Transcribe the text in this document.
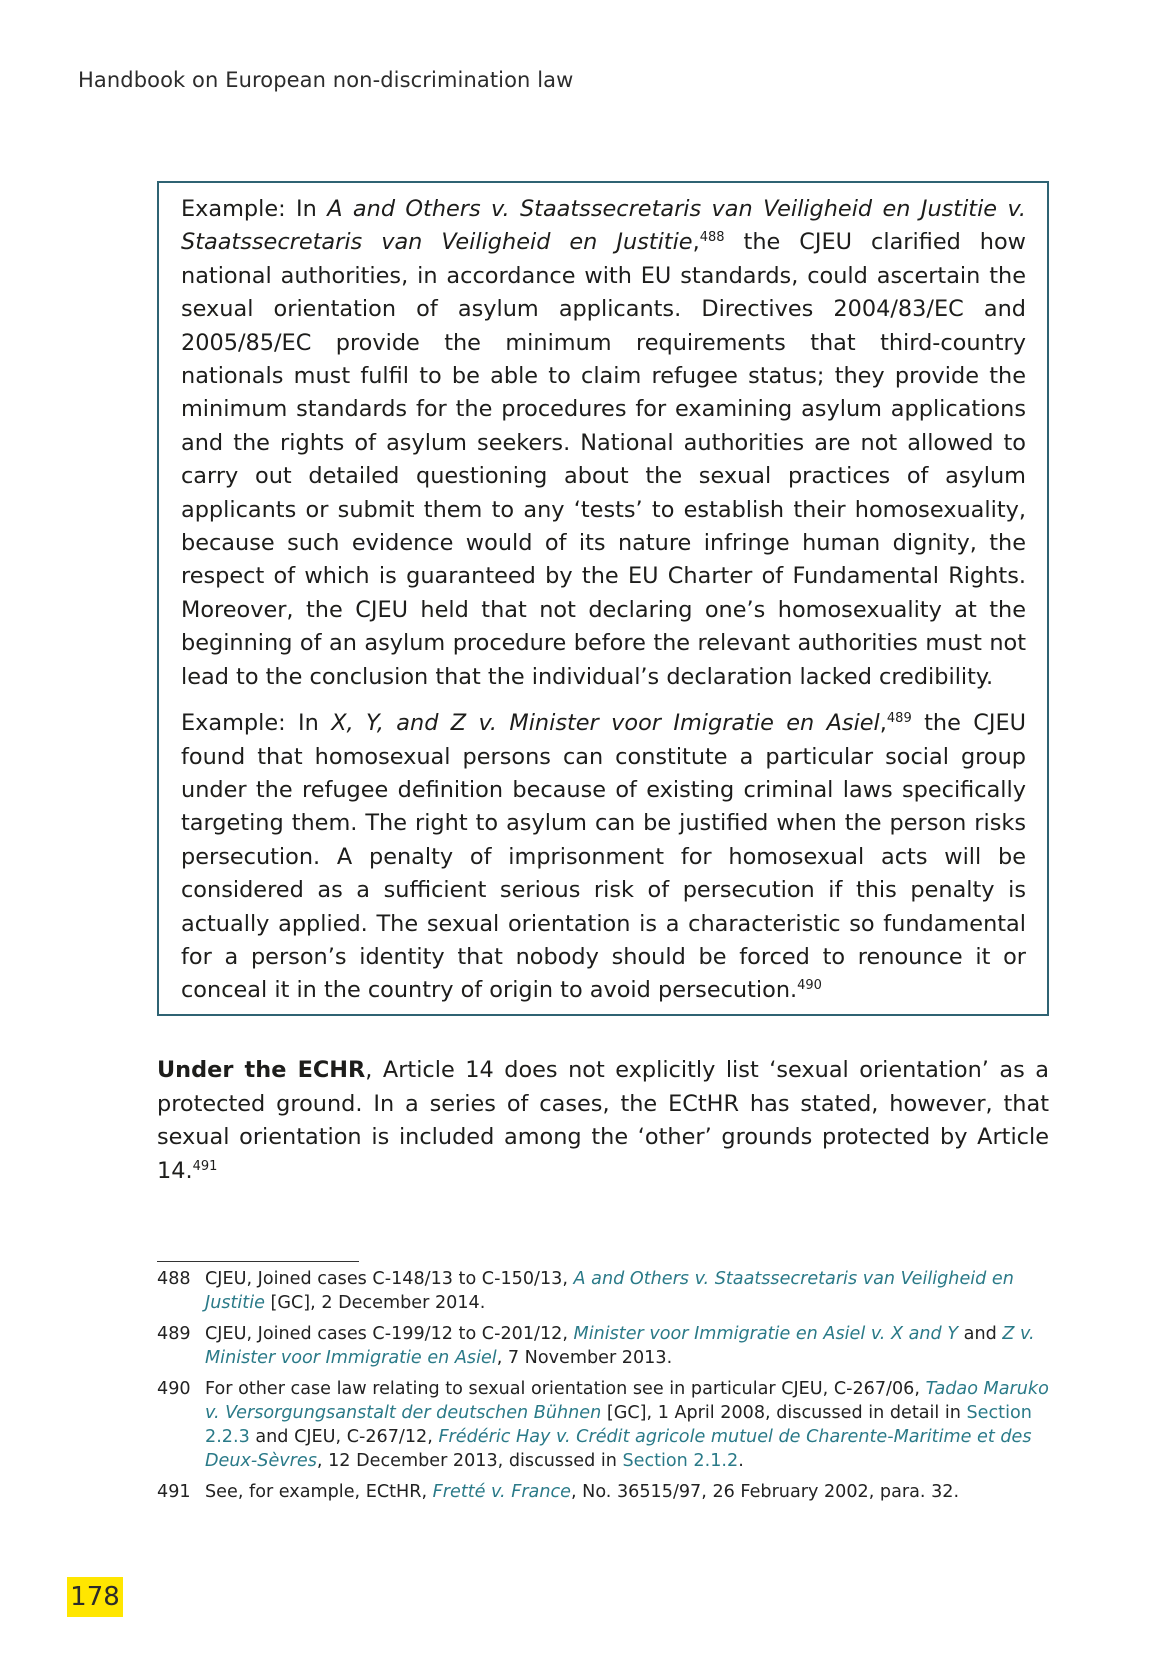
Handbook on European non-discrimination law

Example: In A and Others v. Staatssecretaris van Veiligheid en Justitie v. Staatssecretaris van Veiligheid en Justitie,$^{488}$ the CJEU clarified how national authorities, in accordance with EU standards, could ascertain the sexual orientation of asylum applicants. Directives 2004/83/EC and 2005/85/EC provide the minimum requirements that third-country nationals must fulfil to be able to claim refugee status; they provide the minimum standards for the procedures for examining asylum applications and the rights of asylum seekers. National authorities are not allowed to carry out detailed questioning about the sexual practices of asylum applicants or submit them to any ‘tests’ to establish their homosexuality, because such evidence would of its nature infringe human dignity, the respect of which is guaranteed by the EU Charter of Fundamental Rights. Moreover, the CJEU held that not declaring one’s homosexuality at the beginning of an asylum procedure before the relevant authorities must not lead to the conclusion that the individual’s declaration lacked credibility.

Example: In X, Y, and Z v. Minister voor Imigratie en Asiel,$^{489}$ the CJEU found that homosexual persons can constitute a particular social group under the refugee definition because of existing criminal laws specifically targeting them. The right to asylum can be justified when the person risks persecution. A penalty of imprisonment for homosexual acts will be considered as a sufficient serious risk of persecution if this penalty is actually applied. The sexual orientation is a characteristic so fundamental for a person’s identity that nobody should be forced to renounce it or conceal it in the country of origin to avoid persecution.$^{490}$

Under the ECHR, Article 14 does not explicitly list ‘sexual orientation’ as a protected ground. In a series of cases, the ECtHR has stated, however, that sexual orientation is included among the ‘other’ grounds protected by Article 14.$^{491}$

488 CJEU, Joined cases C-148/13 to C-150/13, A and Others v. Staatssecretaris van Veiligheid en Justitie [GC], 2 December 2014.
489 CJEU, Joined cases C-199/12 to C-201/12, Minister voor Immigratie en Asiel v. X and Y and Z v. Minister voor Immigratie en Asiel, 7 November 2013.
490 For other case law relating to sexual orientation see in particular CJEU, C-267/06, Tadao Maruko v. Versorgungsanstalt der deutschen Bühnen [GC], 1 April 2008, discussed in detail in Section 2.2.3 and CJEU, C-267/12, Frédéric Hay v. Crédit agricole mutuel de Charente-Maritime et des Deux-Sèvres, 12 December 2013, discussed in Section 2.1.2.
491 See, for example, ECtHR, Fretté v. France, No. 36515/97, 26 February 2002, para. 32.
178
